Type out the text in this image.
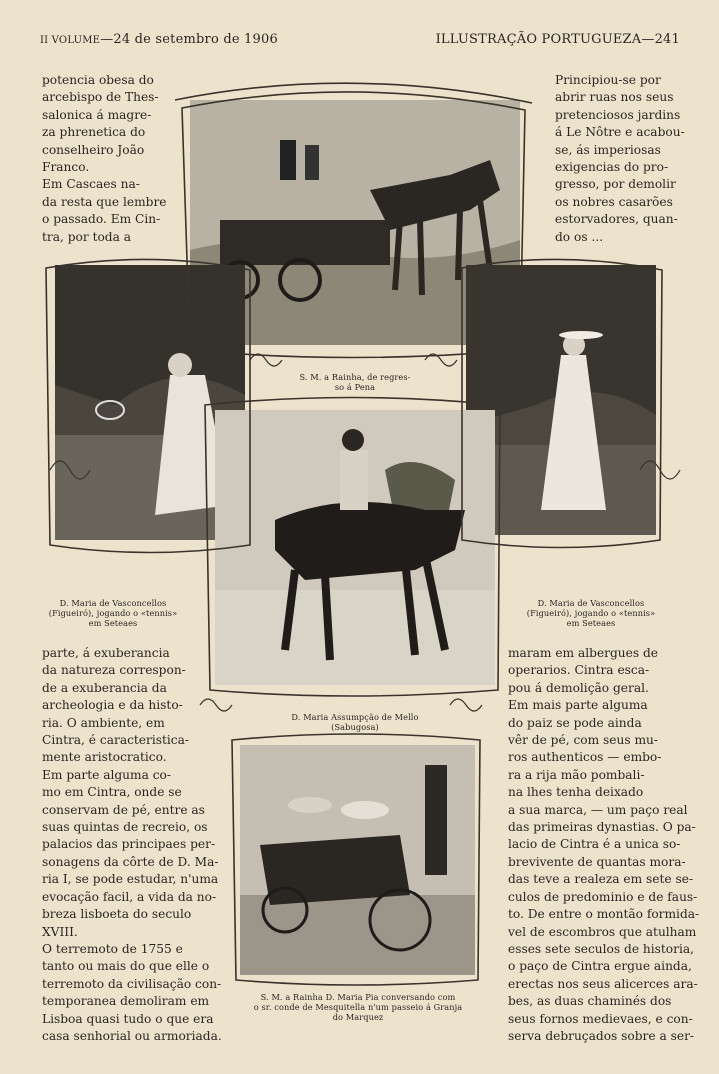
II VOLUME—24 de setembro de 1906	ILLUSTRAÇÃO PORTUGUEZA—241
potencia obesa do
arcebispo de Thes-
salonica á magre-
za phrenetica do
conselheiro João
Franco.
Em Cascaes na-
da resta que lembre
o passado. Em Cin-
tra, por toda a
Principiou-se por
abrir ruas nos seus
pretenciosos jardins
á Le Nôtre e acabou-
se, ás imperiosas
exigencias do pro-
gresso, por demolir
os nobres casarões
estorvadores, quan-
do os ...
parte, á exuberancia
da natureza correspon-
de a exuberancia da
archeologia e da histo-
ria. O ambiente, em
Cintra, é caracteristica-
mente aristocratico.
Em parte alguma co-
mo em Cintra, onde se
conservam de pé, entre as
suas quintas de recreio, os
palacios das principaes per-
sonagens da côrte de D. Ma-
ria I, se pode estudar, n'uma
evocação facil, a vida da no-
breza lisboeta do seculo
XVIII.
O terremoto de 1755 e
tanto ou mais do que elle o
terremoto da civilisação con-
temporanea demoliram em
Lisboa quasi tudo o que era
casa senhorial ou armoriada.
maram em albergues de
operarios. Cintra esca-
pou á demolição geral.
Em mais parte alguma
do paiz se pode ainda
vêr de pé, com seus mu-
ros authenticos — embo-
ra a rija mão pombali-
na lhes tenha deixado
a sua marca, — um paço real
das primeiras dynastias. O pa-
lacio de Cintra é a unica so-
brevivente de quantas mora-
das teve a realeza em sete se-
culos de predominio e de faus-
to. De entre o montão formida-
vel de escombros que atulham
esses sete seculos de historia,
o paço de Cintra ergue ainda,
erectas nos seus alicerces ara-
bes, as duas chaminés dos
seus fornos medievaes, e con-
serva debruçados sobre a ser-
S. M. a Rainha, de regres-
so á Pena
D. Maria de Vasconcellos
(Figueiró), jogando o «tennis»
em Seteaes
D. Maria de Vasconcellos
(Figueiró), jogando o «tennis»
em Seteaes
D. Maria Assumpção de Mello
(Sabugosa)
S. M. a Rainha D. Maria Pia conversando com
o sr. conde de Mesquitella n'um passeio á Granja
do Marquez
